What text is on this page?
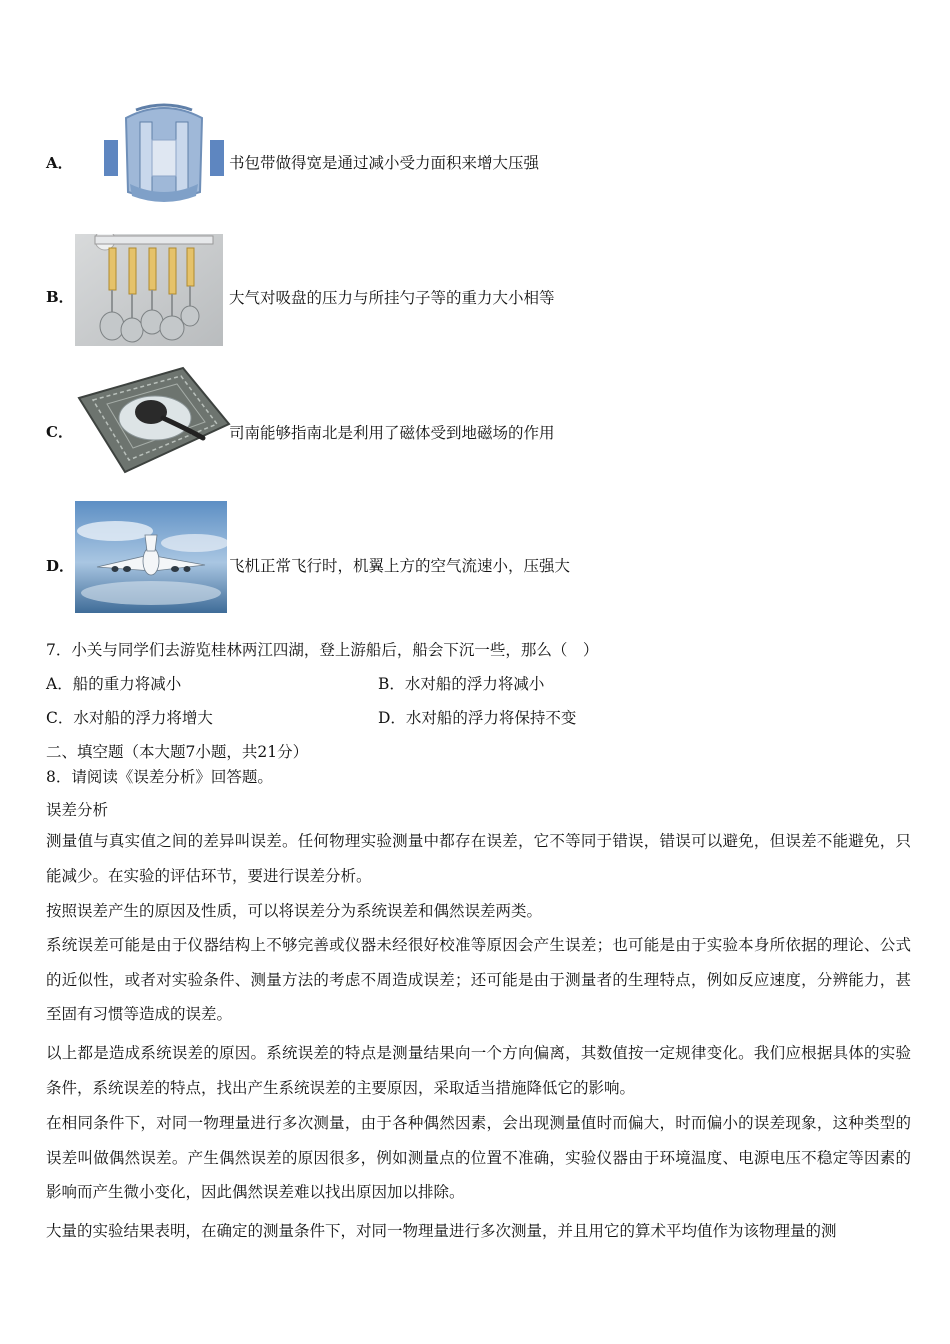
A．	书包带做得宽是通过减小受力面积来增大压强
B．	大气对吸盘的压力与所挂勺子等的重力大小相等
C．	司南能够指南北是利用了磁体受到地磁场的作用
D．	飞机正常飞行时，机翼上方的空气流速小，压强大
7．小关与同学们去游览桂林两江四湖，登上游船后，船会下沉一些，那么（　）
A．船的重力将减小	B．水对船的浮力将减小
C．水对船的浮力将增大	D．水对船的浮力将保持不变
二、填空题（本大题7小题，共21分）
8．请阅读《误差分析》回答题。
误差分析
测量值与真实值之间的差异叫误差。任何物理实验测量中都存在误差，它不等同于错误，错误可以避免，但误差不能避免，只能减少。在实验的评估环节，要进行误差分析。
按照误差产生的原因及性质，可以将误差分为系统误差和偶然误差两类。
系统误差可能是由于仪器结构上不够完善或仪器未经很好校准等原因会产生误差；也可能是由于实验本身所依据的理论、公式的近似性，或者对实验条件、测量方法的考虑不周造成误差；还可能是由于测量者的生理特点，例如反应速度，分辨能力，甚至固有习惯等造成的误差。
以上都是造成系统误差的原因。系统误差的特点是测量结果向一个方向偏离，其数值按一定规律变化。我们应根据具体的实验条件，系统误差的特点，找出产生系统误差的主要原因，采取适当措施降低它的影响。
在相同条件下，对同一物理量进行多次测量，由于各种偶然因素，会出现测量值时而偏大，时而偏小的误差现象，这种类型的误差叫做偶然误差。产生偶然误差的原因很多，例如测量点的位置不准确，实验仪器由于环境温度、电源电压不稳定等因素的影响而产生微小变化，因此偶然误差难以找出原因加以排除。
大量的实验结果表明，在确定的测量条件下，对同一物理量进行多次测量，并且用它的算术平均值作为该物理量的测
